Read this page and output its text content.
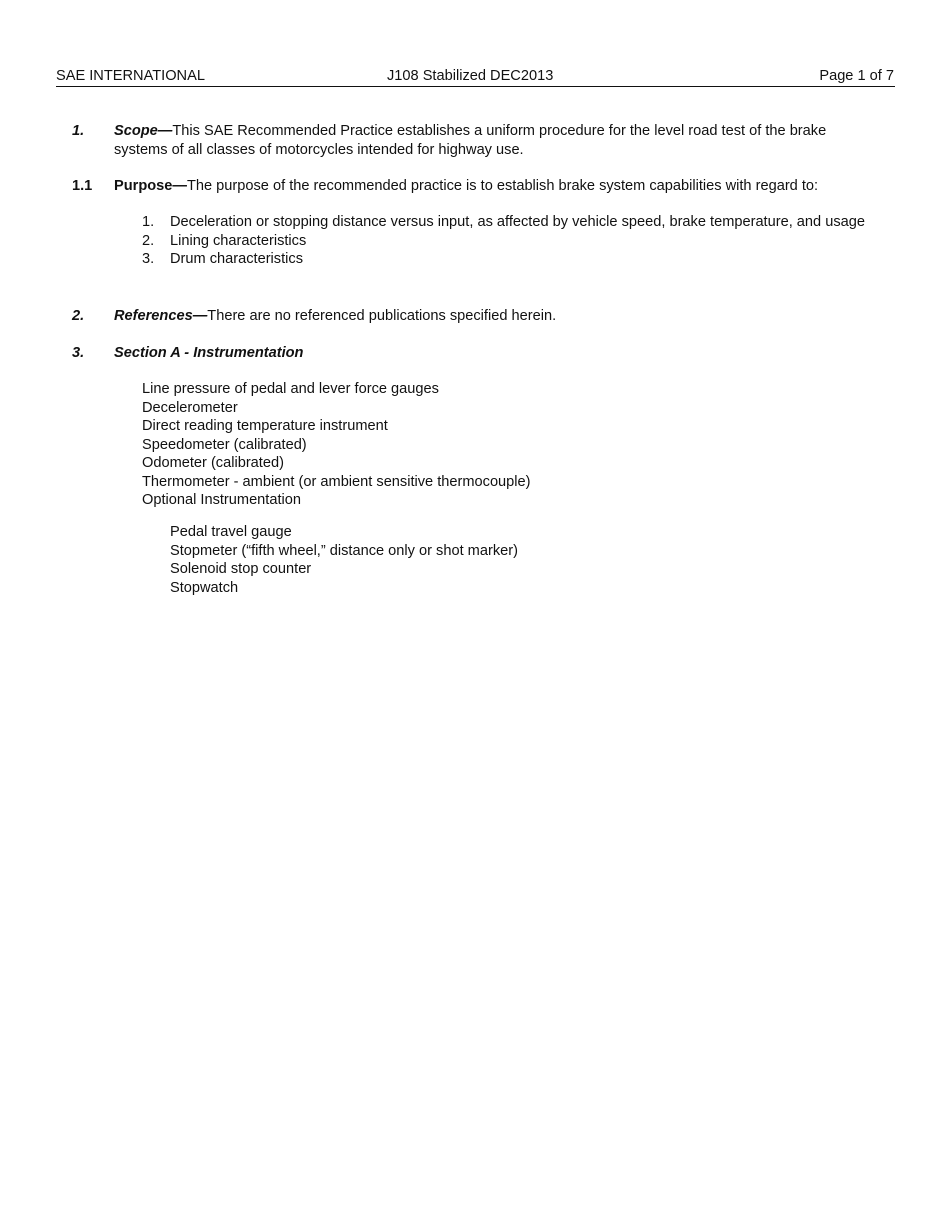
SAE INTERNATIONAL	J108 Stabilized DEC2013	Page 1 of 7
1. Scope—This SAE Recommended Practice establishes a uniform procedure for the level road test of the brake systems of all classes of motorcycles intended for highway use.
1.1 Purpose—The purpose of the recommended practice is to establish brake system capabilities with regard to:
1. Deceleration or stopping distance versus input, as affected by vehicle speed, brake temperature, and usage
2. Lining characteristics
3. Drum characteristics
2. References—There are no referenced publications specified herein.
3. Section A - Instrumentation
Line pressure of pedal and lever force gauges
Decelerometer
Direct reading temperature instrument
Speedometer (calibrated)
Odometer (calibrated)
Thermometer - ambient (or ambient sensitive thermocouple)
Optional Instrumentation
Pedal travel gauge
Stopmeter (“fifth wheel,” distance only or shot marker)
Solenoid stop counter
Stopwatch
